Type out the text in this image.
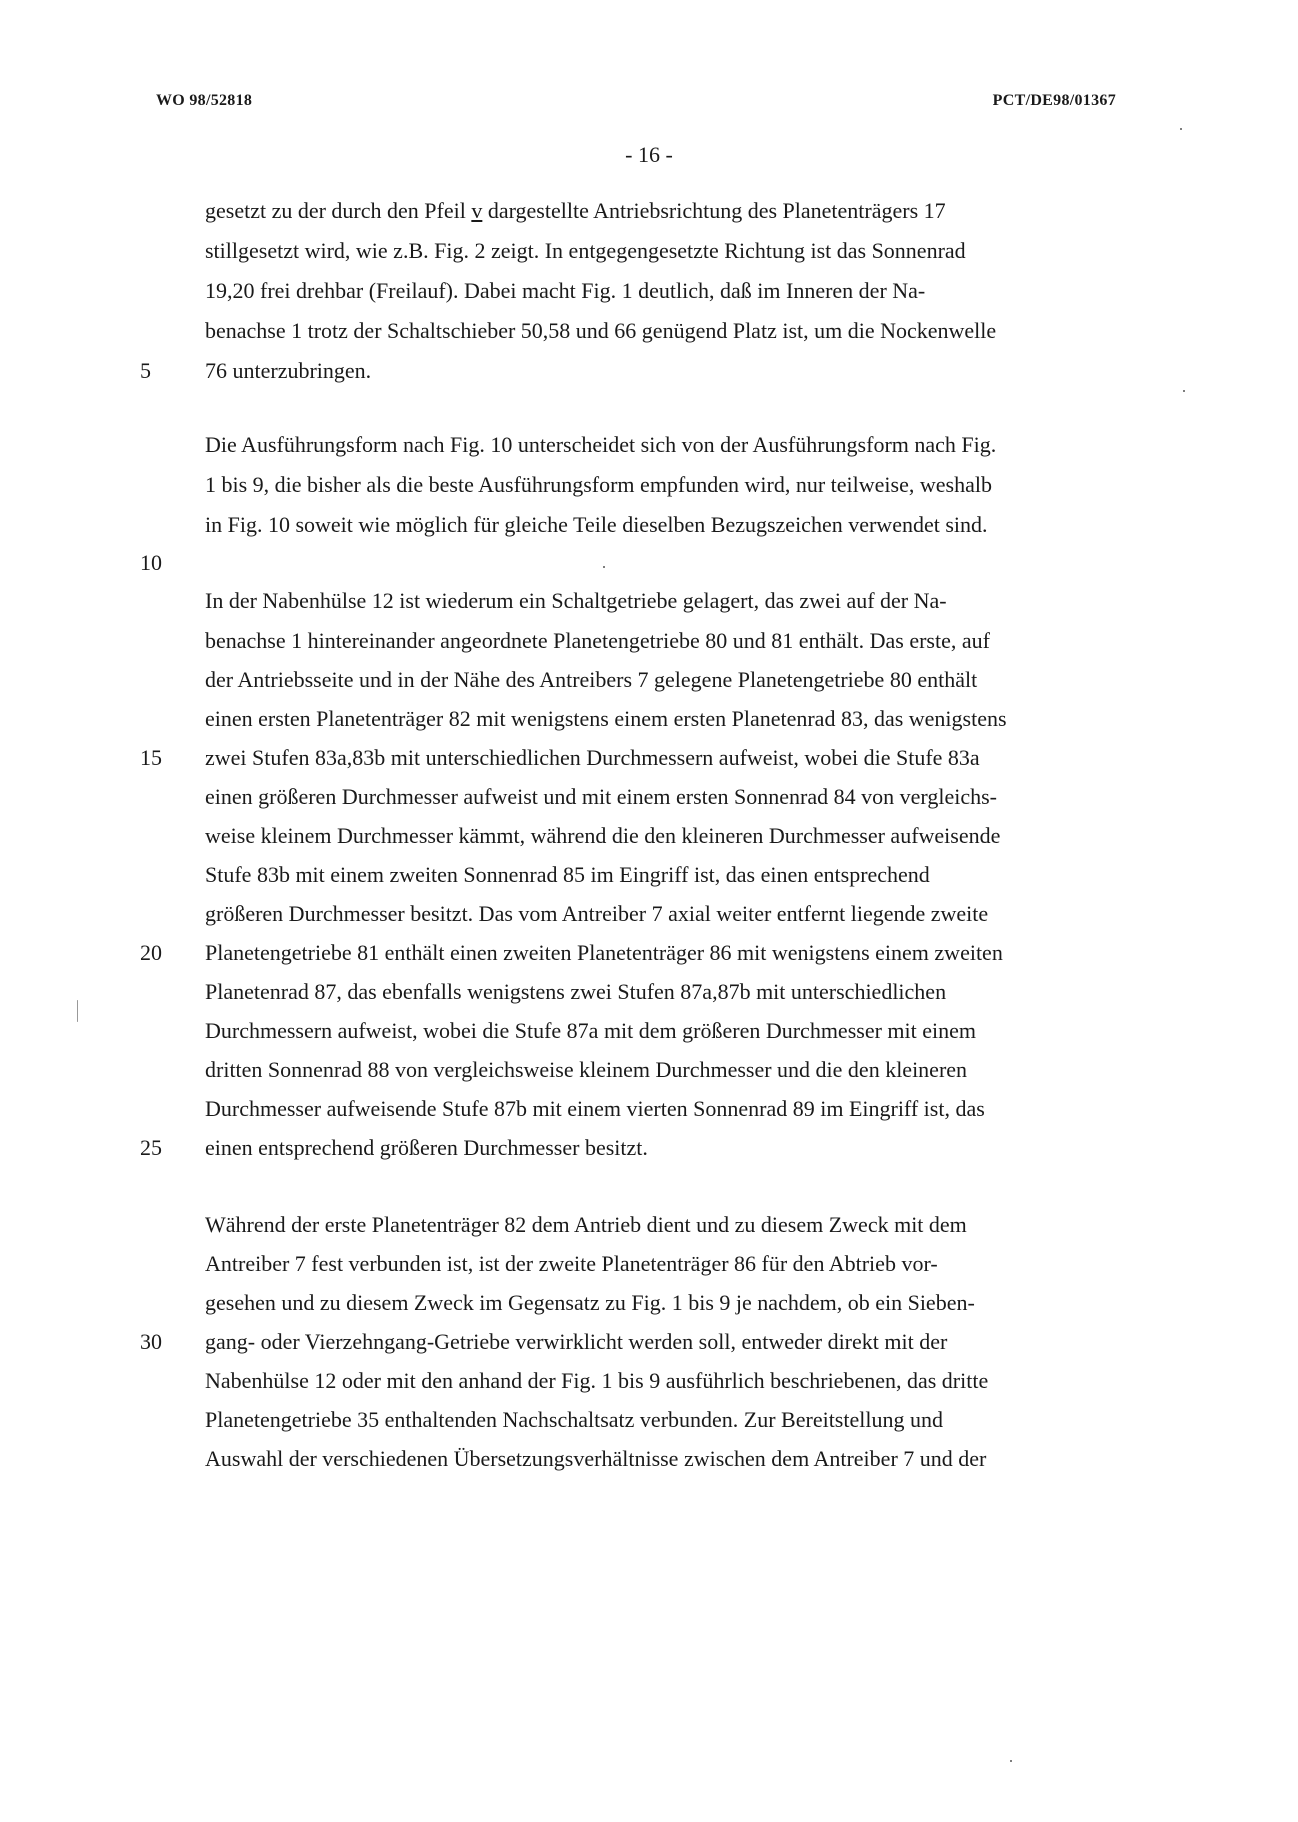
WO 98/52818	PCT/DE98/01367
- 16 -
gesetzt zu der durch den Pfeil v dargestellte Antriebsrichtung des Planetenträgers 17
stillgesetzt wird, wie z.B. Fig. 2 zeigt. In entgegengesetzte Richtung ist das Sonnenrad
19,20 frei drehbar (Freilauf). Dabei macht Fig. 1 deutlich, daß im Inneren der Na-
benachse 1 trotz der Schaltschieber 50,58 und 66 genügend Platz ist, um die Nockenwelle
76 unterzubringen.
Die Ausführungsform nach Fig. 10 unterscheidet sich von der Ausführungsform nach Fig.
1 bis 9, die bisher als die beste Ausführungsform empfunden wird, nur teilweise, weshalb
in Fig. 10 soweit wie möglich für gleiche Teile dieselben Bezugszeichen verwendet sind.
In der Nabenhülse 12 ist wiederum ein Schaltgetriebe gelagert, das zwei auf der Na-
benachse 1 hintereinander angeordnete Planetengetriebe 80 und 81 enthält. Das erste, auf
der Antriebsseite und in der Nähe des Antreibers 7 gelegene Planetengetriebe 80 enthält
einen ersten Planetenträger 82 mit wenigstens einem ersten Planetenrad 83, das wenigstens
zwei Stufen 83a,83b mit unterschiedlichen Durchmessern aufweist, wobei die Stufe 83a
einen größeren Durchmesser aufweist und mit einem ersten Sonnenrad 84 von vergleichs-
weise kleinem Durchmesser kämmt, während die den kleineren Durchmesser aufweisende
Stufe 83b mit einem zweiten Sonnenrad 85 im Eingriff ist, das einen entsprechend
größeren Durchmesser besitzt. Das vom Antreiber 7 axial weiter entfernt liegende zweite
Planetengetriebe 81 enthält einen zweiten Planetenträger 86 mit wenigstens einem zweiten
Planetenrad 87, das ebenfalls wenigstens zwei Stufen 87a,87b mit unterschiedlichen
Durchmessern aufweist, wobei die Stufe 87a mit dem größeren Durchmesser mit einem
dritten Sonnenrad 88 von vergleichsweise kleinem Durchmesser und die den kleineren
Durchmesser aufweisende Stufe 87b mit einem vierten Sonnenrad 89 im Eingriff ist, das
einen entsprechend größeren Durchmesser besitzt.
Während der erste Planetenträger 82 dem Antrieb dient und zu diesem Zweck mit dem
Antreiber 7 fest verbunden ist, ist der zweite Planetenträger 86 für den Abtrieb vor-
gesehen und zu diesem Zweck im Gegensatz zu Fig. 1 bis 9 je nachdem, ob ein Sieben-
gang- oder Vierzehngang-Getriebe verwirklicht werden soll, entweder direkt mit der
Nabenhülse 12 oder mit den anhand der Fig. 1 bis 9 ausführlich beschriebenen, das dritte
Planetengetriebe 35 enthaltenden Nachschaltsatz verbunden. Zur Bereitstellung und
Auswahl der verschiedenen Übersetzungsverhältnisse zwischen dem Antreiber 7 und der
5
10
15
20
25
30
